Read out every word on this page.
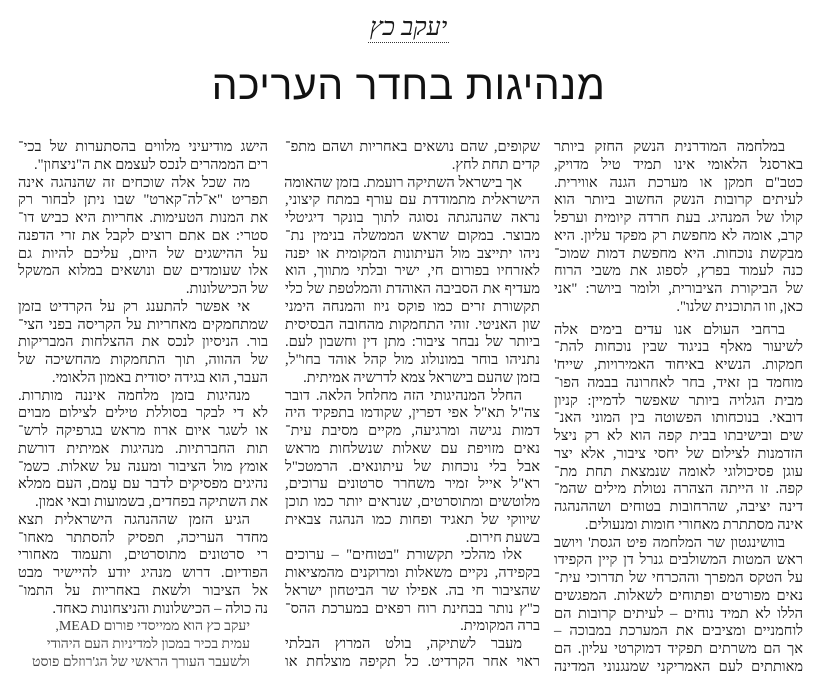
יעקב כץ
מנהיגות בחדר העריכה
במלחמה המודרנית הנשק החזק ביותר
בארסנל הלאומי אינו תמיד טיל מדויק,
כטב"ם חמקן או מערכת הגנה אווירית.
לעיתים קרובות הנשק החשוב ביותר הוא
קולו של המנהיג. בעת חרדה קיומית וערפל
קרב, אומה לא מחפשת רק מפקד עליון. היא
מבקשת נוכחות. היא מחפשת דמות שמוכ־
כנה לעמוד בפרץ, לספוג את משבי הרוח
של הביקורת הציבורית, ולומר ביושר: "אני
כאן, וזו התוכנית שלנו".
ברחבי העולם אנו עדים בימים אלה
לשיעור מאלף בניגוד שבין נוכחות להת־
חמקות. הנשיא באיחוד האמירויות, שייח'
מוחמד בן זאיד, בחר לאחרונה בבמה הפו־
מבית הגלויה ביותר שאפשר לדמיין: קניון
דובאי. בנוכחותו הפשוטה בין המוני האנ־
שים ובישיבתו בבית קפה הוא לא רק ניצל
הזדמנות לצילום של יחסי ציבור, אלא יצר
עוגן פסיכולוגי לאומה שנמצאת תחת מת־
קפה. זו הייתה הצהרה נטולת מילים שהמ־
דינה יציבה, שהרחובות בטוחים ושההנהגה
אינה מסתתרת מאחורי חומות ומנעולים.
בוושינגטון שר המלחמה פיט הגסת' ויושב
ראש המטות המשולבים גנרל דן קיין הקפידו
על הטקס המפרך וההכרחי של תדרוכי עית־
נאים מפורטים ופתוחים לשאלות. המפגשים
הללו לא תמיד נוחים – לעיתים קרובות הם
לוחמניים ומציבים את המערכת במבוכה –
אך הם משרתים תפקיד דמוקרטי עליון. הם
מאותתים לעם האמריקני שמנגנוני המדינה
שקופים, שהם נושאים באחריות ושהם מתפ־
קדים תחת לחץ.
אך בישראל השתיקה רועמת. בזמן שהאומה
הישראלית מתמודדת עם עורף במתח קיצוני,
נראה שהנהגתה נסוגה לתוך בונקר דיגיטלי
מבוצר. במקום שראש הממשלה בנימין נת־
ניהו יתייצב מול העיתונות המקומית או יפנה
לאזרחיו בפורום חי, ישיר ובלתי מתווך, הוא
מעדיף את הסביבה האוהדת והמלטפת של כלי
תקשורת זרים כמו פוקס ניוז והמנחה הימני
שון האניטי. זוהי התחמקות מהחובה הבסיסית
ביותר של נבחר ציבור: מתן דין וחשבון לעם.
נתניהו בוחר במונולוג מול קהל אוהד בחו"ל,
בזמן שהעם בישראל צמא לדרשיה אמיתית.
החלל המנהיגותי הזה מחלחל הלאה. דובר
צה"ל תא"ל אפי דפרין, שקודמו בתפקיד היה
דמות נגישה ומרגיעה, מקיים מסיבת עית־
נאים מזויפת עם שאלות שנשלחות מראש
אבל בלי נוכחות של עיתונאים. הרמטכ"ל
רא"ל אייל זמיר משחרר סרטונים ערוכים,
מלוטשים ומתוסרטים, שנראים יותר כמו תוכן
שיווקי של תאגיד ופחות כמו הנהגה צבאית
בשעת חירום.
אלו מהלכי תקשורת "בטוחים" – ערוכים
בקפידה, נקיים משאלות ומרוקנים מהמציאות
שהציבור חי בה. אפילו שר הביטחון ישראל
כ"ץ נותר בבחינת רוח רפאים במערכת ההס־
ברה המקומית.
מעבר לשתיקה, בולט המרוץ הבלתי
ראוי אחר הקרדיט. כל תקיפה מוצלחת או
הישג מודיעיני מלווים בהסתערות של בכי־
רים הממהרים לנכס לעצמם את ה"ניצחון".
מה שכל אלה שוכחים זה שהנהגה אינה
תפריט "א־לה־קארט" שבו ניתן לבחור רק
את המנות הטעימות. אחריות היא כביש דו־
סטרי: אם אתם רוצים לקבל את זרי הדפנה
על ההישגים של היום, עליכם להיות גם
אלו שעומדים שם ונושאים במלוא המשקל
של הכישלונות.
אי אפשר להתענג רק על הקרדיט בזמן
שמתחמקים מאחריות על הקריסה בפני הצי־
בור. הניסיון לנכס את ההצלחות המבריקות
של ההווה, תוך התחמקות מהחשיכה של
העבר, הוא בגידה יסודית באמון הלאומי.
מנהיגות בזמן מלחמה איננה מותרות.
לא די לבקר בסוללת טילים לצילום מבוים
או לשגר איום ארוז מראש בגרפיקה לרש־
תות החברתיות. מנהיגות אמיתית דורשת
אומץ מול הציבור ומענה על שאלות. כשמ־
נהיגים מפסיקים לדבר עם עַמם, העם ממלא
את השתיקה בפחדים, בשמועות ובאי אמון.
הגיע הזמן שההנהגה הישראלית תצא
מחדר העריכה, תפסיק להסתתר מאחו־
רי סרטונים מתוסרטים, ותעמוד מאחורי
הפודיום. דרוש מנהיג יודע להיישיר מבט
אל הציבור ולשאת באחריות על התמו־
נה כולה – הכישלונות והניצחונות כאחד.
יעקב כץ הוא ממייסדי פורום MEAD,
עמית בכיר במכון למדיניות העם היהודי
ולשעבר העורך הראשי של הג'רוזלם פוסט
